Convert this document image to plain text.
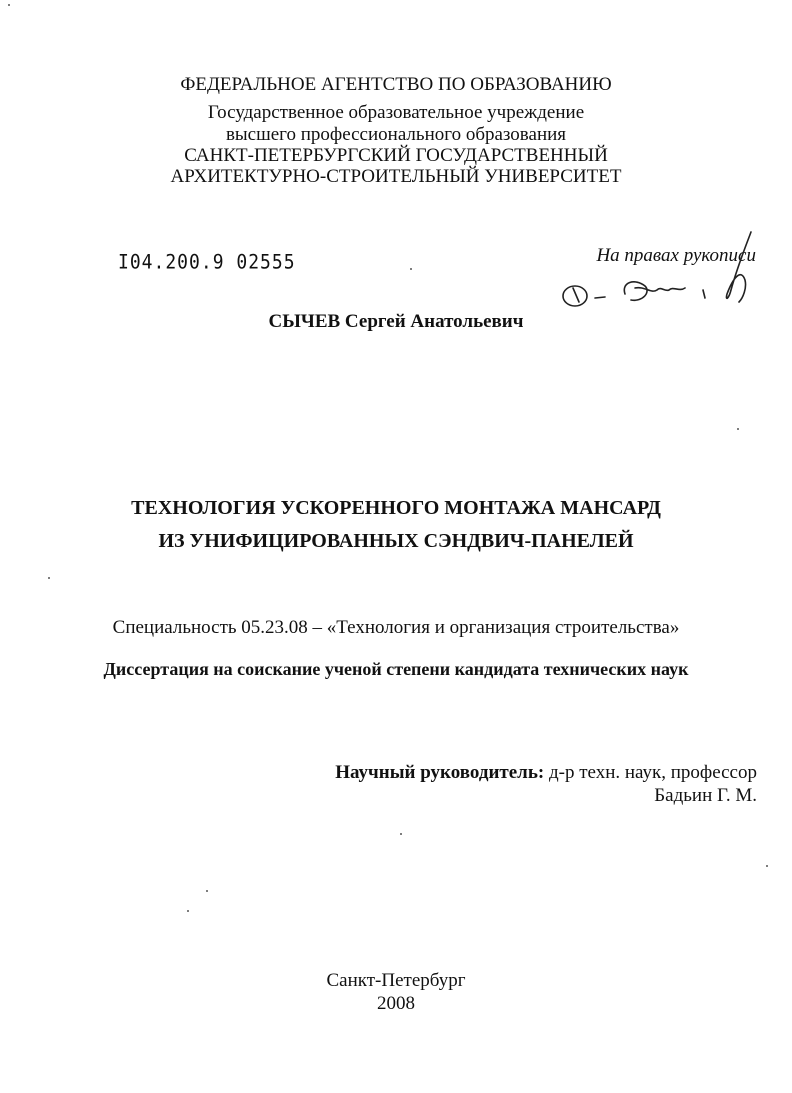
ФЕДЕРАЛЬНОЕ АГЕНТСТВО ПО ОБРАЗОВАНИЮ
Государственное образовательное учреждение
высшего профессионального образования
САНКТ-ПЕТЕРБУРГСКИЙ ГОСУДАРСТВЕННЫЙ
АРХИТЕКТУРНО-СТРОИТЕЛЬНЫЙ УНИВЕРСИТЕТ
І04.200.9 02555	На правах рукописи
СЫЧЕВ Сергей Анатольевич
ТЕХНОЛОГИЯ УСКОРЕННОГО МОНТАЖА МАНСАРД
ИЗ УНИФИЦИРОВАННЫХ СЭНДВИЧ-ПАНЕЛЕЙ
Специальность 05.23.08 – «Технология и организация строительства»
Диссертация на соискание ученой степени кандидата технических наук
Научный руководитель: д-р техн. наук, профессор
Бадьин Г. М.
Санкт-Петербург
2008
